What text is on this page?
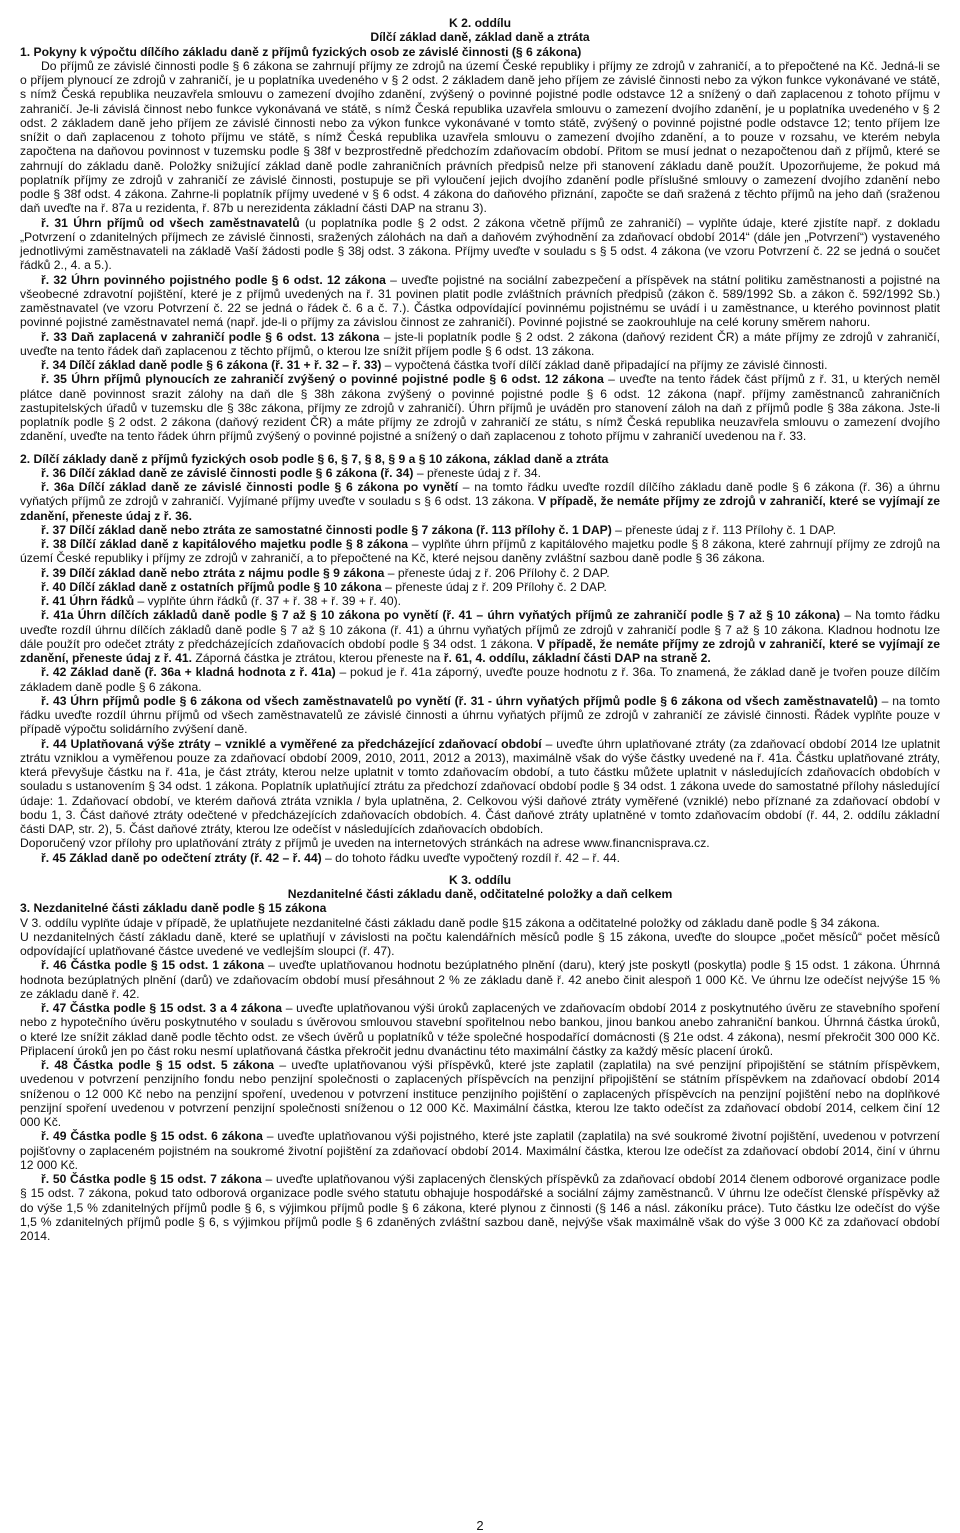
K 2. oddílu

Dílčí základ daně, základ daně a ztráta

1. Pokyny k výpočtu dílčího základu daně z příjmů fyzických osob ze závislé činnosti (§ 6 zákona)

Do příjmů ze závislé činnosti podle § 6 zákona se zahrnují příjmy ze zdrojů na území České republiky i příjmy ze zdrojů v zahraničí, a to přepočtené na Kč. Jedná-li se o příjem plynoucí ze zdrojů v zahraničí, je u poplatníka uvedeného v § 2 odst. 2 základem daně jeho příjem ze závislé činnosti nebo za výkon funkce vykonávané ve státě, s nímž Česká republika neuzavřela smlouvu o zamezení dvojího zdanění, zvýšený o povinné pojistné podle odstavce 12 a snížený o daň zaplacenou z tohoto příjmu v zahraničí. Je-li závislá činnost nebo funkce vykonávaná ve státě, s nímž Česká republika uzavřela smlouvu o zamezení dvojího zdanění, je u poplatníka uvedeného v § 2 odst. 2 základem daně jeho příjem ze závislé činnosti nebo za výkon funkce vykonávané v tomto státě, zvýšený o povinné pojistné podle odstavce 12; tento příjem lze snížit o daň zaplacenou z tohoto příjmu ve státě, s nímž Česká republika uzavřela smlouvu o zamezení dvojího zdanění, a to pouze v rozsahu, ve kterém nebyla započtena na daňovou povinnost v tuzemsku podle § 38f v bezprostředně předchozím zdaňovacím období. Přitom se musí jednat o nezapočtenou daň z příjmů, které se zahrnují do základu daně. Položky snižující základ daně podle zahraničních právních předpisů nelze při stanovení základu daně použít. Upozorňujeme, že pokud má poplatník příjmy ze zdrojů v zahraničí ze závislé činnosti, postupuje se při vyloučení jejich dvojího zdanění podle příslušné smlouvy o zamezení dvojího zdanění nebo podle § 38f odst. 4 zákona. Zahrne-li poplatník příjmy uvedené v § 6 odst. 4 zákona do daňového přiznání, započte se daň sražená z těchto příjmů na jeho daň (sraženou daň uveďte na ř. 87a u rezidenta, ř. 87b u nerezidenta základní části DAP na stranu 3).

ř. 31 Úhrn příjmů od všech zaměstnavatelů (u poplatníka podle § 2 odst. 2 zákona včetně příjmů ze zahraničí) – vyplňte údaje, které zjistíte např. z dokladu „Potvrzení o zdanitelných příjmech ze závislé činnosti, sražených zálohách na daň a daňovém zvýhodnění za zdaňovací období 2014“ (dále jen „Potvrzení“) vystaveného jednotlivými zaměstnavateli na základě Vaší žádosti podle § 38j odst. 3 zákona. Příjmy uveďte v souladu s § 5 odst. 4 zákona (ve vzoru Potvrzení č. 22 se jedná o součet řádků 2., 4. a 5.).

ř. 32 Úhrn povinného pojistného podle § 6 odst. 12 zákona – uveďte pojistné na sociální zabezpečení a příspěvek na státní politiku zaměstnanosti a pojistné na všeobecné zdravotní pojištění, které je z příjmů uvedených na ř. 31 povinen platit podle zvláštních právních předpisů (zákon č. 589/1992 Sb. a zákon č. 592/1992 Sb.) zaměstnavatel (ve vzoru Potvrzení č. 22 se jedná o řádek č. 6 a č. 7.). Částka odpovídající povinnému pojistnému se uvádí i u zaměstnance, u kterého povinnost platit povinné pojistné zaměstnavatel nemá (např. jde-li o příjmy za závislou činnost ze zahraničí). Povinné pojistné se zaokrouhluje na celé koruny směrem nahoru.

ř. 33 Daň zaplacená v zahraničí podle § 6 odst. 13 zákona – jste-li poplatník podle § 2 odst. 2 zákona (daňový rezident ČR) a máte příjmy ze zdrojů v zahraničí, uveďte na tento řádek daň zaplacenou z těchto příjmů, o kterou lze snížit příjem podle § 6 odst. 13 zákona.

ř. 34 Dílčí základ daně podle § 6 zákona (ř. 31 + ř. 32 – ř. 33) – vypočtená částka tvoří dílčí základ daně připadající na příjmy ze závislé činnosti.

ř. 35 Úhrn příjmů plynoucích ze zahraničí zvýšený o povinné pojistné podle § 6 odst. 12 zákona – uveďte na tento řádek část příjmů z ř. 31, u kterých neměl plátce daně povinnost srazit zálohy na daň dle § 38h zákona zvýšený o povinné pojistné podle § 6 odst. 12 zákona (např. příjmy zaměstnanců zahraničních zastupitelských úřadů v tuzemsku dle § 38c zákona, příjmy ze zdrojů v zahraničí). Úhrn příjmů je uváděn pro stanovení záloh na daň z příjmů podle § 38a zákona. Jste-li poplatník podle § 2 odst. 2 zákona (daňový rezident ČR) a máte příjmy ze zdrojů v zahraničí ze státu, s nímž Česká republika neuzavřela smlouvu o zamezení dvojího zdanění, uveďte na tento řádek úhrn příjmů zvýšený o povinné pojistné a snížený o daň zaplacenou z tohoto příjmu v zahraničí uvedenou na ř. 33.

2. Dílčí základy daně z příjmů fyzických osob podle § 6, § 7, § 8, § 9 a § 10 zákona, základ daně a ztráta

ř. 36 Dílčí základ daně ze závislé činnosti podle § 6 zákona (ř. 34) – přeneste údaj z ř. 34.

ř. 36a Dílčí základ daně ze závislé činnosti podle § 6 zákona po vynětí – na tomto řádku uveďte rozdíl dílčího základu daně podle § 6 zákona (ř. 36) a úhrnu vyňatých příjmů ze zdrojů v zahraničí. Vyjímané příjmy uveďte v souladu s § 6 odst. 13 zákona. V případě, že nemáte příjmy ze zdrojů v zahraničí, které se vyjímají ze zdanění, přeneste údaj z ř. 36.

ř. 37 Dílčí základ daně nebo ztráta ze samostatné činnosti podle § 7 zákona (ř. 113 přílohy č. 1 DAP) – přeneste údaj z ř. 113 Přílohy č. 1 DAP.

ř. 38 Dílčí základ daně z kapitálového majetku podle § 8 zákona – vyplňte úhrn příjmů z kapitálového majetku podle § 8 zákona, které zahrnují příjmy ze zdrojů na území České republiky i příjmy ze zdrojů v zahraničí, a to přepočtené na Kč, které nejsou daněny zvláštní sazbou daně podle § 36 zákona.

ř. 39 Dílčí základ daně nebo ztráta z nájmu podle § 9 zákona – přeneste údaj z ř. 206 Přílohy č. 2 DAP.

ř. 40 Dílčí základ daně z ostatních příjmů podle § 10 zákona – přeneste údaj z ř. 209 Přílohy č. 2 DAP.

ř. 41 Úhrn řádků – vyplňte úhrn řádků (ř. 37 + ř. 38 + ř. 39 + ř. 40).

ř. 41a Úhrn dílčích základů daně podle § 7 až § 10 zákona po vynětí (ř. 41 – úhrn vyňatých příjmů ze zahraničí podle § 7 až § 10 zákona) – Na tomto řádku uveďte rozdíl úhrnu dílčích základů daně podle § 7 až § 10 zákona (ř. 41) a úhrnu vyňatých příjmů ze zdrojů v zahraničí podle § 7 až § 10 zákona. Kladnou hodnotu lze dále použít pro odečet ztráty z předcházejících zdaňovacích období podle § 34 odst. 1 zákona. V případě, že nemáte příjmy ze zdrojů v zahraničí, které se vyjímají ze zdanění, přeneste údaj z ř. 41. Záporná částka je ztrátou, kterou přeneste na ř. 61, 4. oddílu, základní části DAP na straně 2.

ř. 42 Základ daně (ř. 36a + kladná hodnota z ř. 41a) – pokud je ř. 41a záporný, uveďte pouze hodnotu z ř. 36a. To znamená, že základ daně je tvořen pouze dílčím základem daně podle § 6 zákona.

ř. 43 Úhrn příjmů podle § 6 zákona od všech zaměstnavatelů po vynětí (ř. 31 - úhrn vyňatých příjmů podle § 6 zákona od všech zaměstnavatelů) – na tomto řádku uveďte rozdíl úhrnu příjmů od všech zaměstnavatelů ze závislé činnosti a úhrnu vyňatých příjmů ze zdrojů v zahraničí ze závislé činnosti. Řádek vyplňte pouze v případě výpočtu solidárního zvýšení daně.

ř. 44 Uplatňovaná výše ztráty – vzniklé a vyměřené za předcházející zdaňovací období – uveďte úhrn uplatňované ztráty (za zdaňovací období 2014 lze uplatnit ztrátu vzniklou a vyměřenou pouze za zdaňovací období 2009, 2010, 2011, 2012 a 2013), maximálně však do výše částky uvedené na ř. 41a. Částku uplatňované ztráty, která převyšuje částku na ř. 41a, je část ztráty, kterou nelze uplatnit v tomto zdaňovacím období, a tuto částku můžete uplatnit v následujících zdaňovacích obdobích v souladu s ustanovením § 34 odst. 1 zákona. Poplatník uplatňující ztrátu za předchozí zdaňovací období podle § 34 odst. 1 zákona uvede do samostatné přílohy následující údaje: 1. Zdaňovací období, ve kterém daňová ztráta vznikla / byla uplatněna, 2. Celkovou výši daňové ztráty vyměřené (vzniklé) nebo příznané za zdaňovací období v bodu 1, 3. Část daňové ztráty odečtené v předcházejících zdaňovacích obdobích. 4. Část daňové ztráty uplatněné v tomto zdaňovacím období (ř. 44, 2. oddílu základní části DAP, str. 2), 5. Část daňové ztráty, kterou lze odečíst v následujících zdaňovacích obdobích.

Doporučený vzor přílohy pro uplatňování ztráty z příjmů je uveden na internetových stránkách na adrese www.financnisprava.cz.

ř. 45 Základ daně po odečtení ztráty (ř. 42 – ř. 44) – do tohoto řádku uveďte vypočtený rozdíl ř. 42 – ř. 44.

K 3. oddílu

Nezdanitelné části základu daně, odčitatelné položky a daň celkem

3. Nezdanitelné části základu daně podle § 15 zákona

V 3. oddílu vyplňte údaje v případě, že uplatňujete nezdanitelné části základu daně podle §15 zákona a odčitatelné položky od základu daně podle § 34 zákona.

U nezdanitelných částí základu daně, které se uplatňují v závislosti na počtu kalendářních měsíců podle § 15 zákona, uveďte do sloupce „počet měsíců“ počet měsíců odpovídající uplatňované částce uvedené ve vedlejším sloupci (ř. 47).

ř. 46 Částka podle § 15 odst. 1 zákona – uveďte uplatňovanou hodnotu bezúplatného plnění (daru), který jste poskytl (poskytla) podle § 15 odst. 1 zákona. Úhrnná hodnota bezúplatných plnění (darů) ve zdaňovacím období musí přesáhnout 2 % ze základu daně ř. 42 anebo činit alespoň 1 000 Kč. Ve úhrnu lze odečíst nejvýše 15 % ze základu daně ř. 42.

ř. 47 Částka podle § 15 odst. 3 a 4 zákona – uveďte uplatňovanou výši úroků zaplacených ve zdaňovacím období 2014 z poskytnutého úvěru ze stavebního spoření nebo z hypotečního úvěru poskytnutého v souladu s úvěrovou smlouvou stavební spořitelnou nebo bankou, jinou bankou anebo zahraniční bankou. Úhrnná částka úroků, o které lze snížit základ daně podle těchto odst. ze všech úvěrů u poplatníků v téže společné hospodařící domácnosti (§ 21e odst. 4 zákona), nesmí překročit 300 000 Kč. Připlacení úroků jen po část roku nesmí uplatňovaná částka překročit jednu dvanáctinu této maximální částky za každý měsíc placení úroků.

ř. 48 Částka podle § 15 odst. 5 zákona – uveďte uplatňovanou výši příspěvků, které jste zaplatil (zaplatila) na své penzijní připojištění se státním příspěvkem, uvedenou v potvrzení penzijního fondu nebo penzijní společnosti o zaplacených příspěvcích na penzijní připojištění se státním příspěvkem na zdaňovací období 2014 sníženou o 12 000 Kč nebo na penzijní spoření, uvedenou v potvrzení instituce penzijního pojištění o zaplacených příspěvcích na penzijní pojištění nebo na doplňkové penzijní spoření uvedenou v potvrzení penzijní společnosti sníženou o 12 000 Kč. Maximální částka, kterou lze takto odečíst za zdaňovací období 2014, celkem činí 12 000 Kč.

ř. 49 Částka podle § 15 odst. 6 zákona – uveďte uplatňovanou výši pojistného, které jste zaplatil (zaplatila) na své soukromé životní pojištění, uvedenou v potvrzení pojišťovny o zaplaceném pojistném na soukromé životní pojištění za zdaňovací období 2014. Maximální částka, kterou lze odečíst za zdaňovací období 2014, činí v úhrnu 12 000 Kč.

ř. 50 Částka podle § 15 odst. 7 zákona – uveďte uplatňovanou výši zaplacených členských příspěvků za zdaňovací období 2014 členem odborové organizace podle § 15 odst. 7 zákona, pokud tato odborová organizace podle svého statutu obhajuje hospodářské a sociální zájmy zaměstnanců. V úhrnu lze odečíst členské příspěvky až do výše 1,5 % zdanitelných příjmů podle § 6, s výjimkou příjmů podle § 6 zákona, které plynou z činnosti (§ 146 a násl. zákoníku práce). Tuto částku lze odečíst do výše 1,5 % zdanitelných příjmů podle § 6, s výjimkou příjmů podle § 6 zdaněných zvláštní sazbou daně, nejvýše však maximálně však do výše 3 000 Kč za zdaňovací období 2014.

2
